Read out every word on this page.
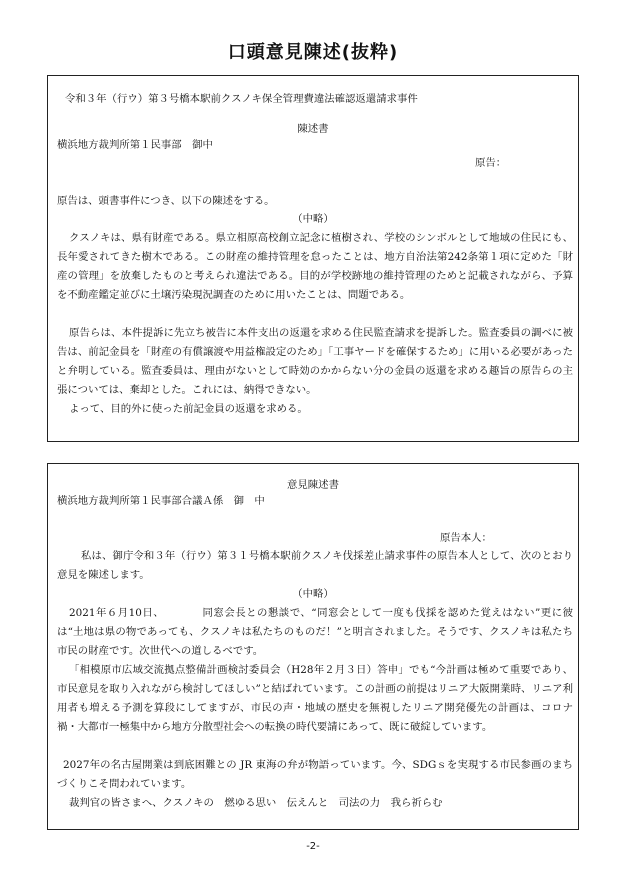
口頭意見陳述(抜粋)
令和３年（行ウ）第３号橋本駅前クスノキ保全管理費違法確認返還請求事件
陳述書
横浜地方裁判所第１民事部　御中
原告：
原告は、頭書事件につき、以下の陳述をする。
（中略）
クスノキは、県有財産である。県立相原高校創立記念に植樹され、学校のシンボルとして地域の住民にも、長年愛されてきた樹木である。この財産の維持管理を怠ったことは、地方自治法第242条第１項に定めた「財産の管理」を放棄したものと考えられ違法である。目的が学校跡地の維持管理のためと記載されながら、予算を不動産鑑定並びに土壌汚染現況調査のために用いたことは、問題である。
原告らは、本件提訴に先立ち被告に本件支出の返還を求める住民監査請求を提訴した。監査委員の調べに被告は、前記金員を「財産の有償譲渡や用益権設定のため」「工事ヤードを確保するため」に用いる必要があったと弁明している。監査委員は、理由がないとして時効のかからない分の金員の返還を求める趣旨の原告らの主張については、棄却とした。これには、納得できない。
よって、目的外に使った前記金員の返還を求める。
意見陳述書
横浜地方裁判所第１民事部合議Ａ係　御　中
原告本人：
私は、御庁令和３年（行ウ）第３１号橋本駅前クスノキ伐採差止請求事件の原告本人として、次のとおり意見を陳述します。
（中略）
2021年６月10日、　　　　同窓会長との懇談で、“同窓会として一度も伐採を認めた覚えはない”更に彼は“土地は県の物であっても、クスノキは私たちのものだ！”と明言されました。そうです、クスノキは私たち市民の財産です。次世代への道しるべです。
「相模原市広域交流拠点整備計画検討委員会（H28年２月３日）答申」でも“今計画は極めて重要であり、市民意見を取り入れながら検討してほしい”と結ばれています。この計画の前提はリニア大阪開業時、リニア利用者も増える予測を算段にしてますが、市民の声・地域の歴史を無視したリニア開発優先の計画は、コロナ禍・大都市一極集中から地方分散型社会への転換の時代要請にあって、既に破綻しています。
2027年の名古屋開業は到底困難との JR 東海の弁が物語っています。今、SDGｓを実現する市民参画のまちづくりこそ問われています。
裁判官の皆さまへ、クスノキの　燃ゆる思い　伝えんと　司法の力　我ら祈らむ
-2-
